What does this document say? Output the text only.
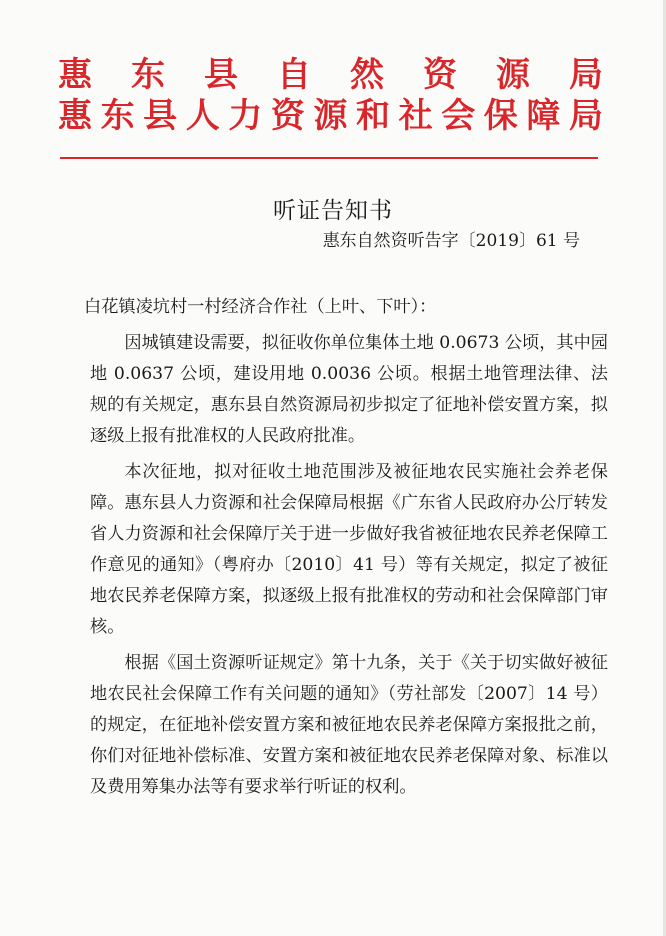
惠 东 县 自 然 资 源 局
惠 东 县 人 力 资 源 和 社 会 保 障 局
听证告知书
惠东自然资听告字〔2019〕61 号

白花镇凌坑村一村经济合作社（上叶、下叶）：

因城镇建设需要，拟征收你单位集体土地 0.0673 公顷，其中园地 0.0637 公顷，建设用地 0.0036 公顷。根据土地管理法律、法规的有关规定，惠东县自然资源局初步拟定了征地补偿安置方案，拟逐级上报有批准权的人民政府批准。

本次征地，拟对征收土地范围涉及被征地农民实施社会养老保障。惠东县人力资源和社会保障局根据《广东省人民政府办公厅转发省人力资源和社会保障厅关于进一步做好我省被征地农民养老保障工作意见的通知》（粤府办〔2010〕41 号）等有关规定，拟定了被征地农民养老保障方案，拟逐级上报有批准权的劳动和社会保障部门审核。

根据《国土资源听证规定》第十九条，关于《关于切实做好被征地农民社会保障工作有关问题的通知》（劳社部发〔2007〕14 号）的规定，在征地补偿安置方案和被征地农民养老保障方案报批之前，你们对征地补偿标准、安置方案和被征地农民养老保障对象、标准以及费用筹集办法等有要求举行听证的权利。
